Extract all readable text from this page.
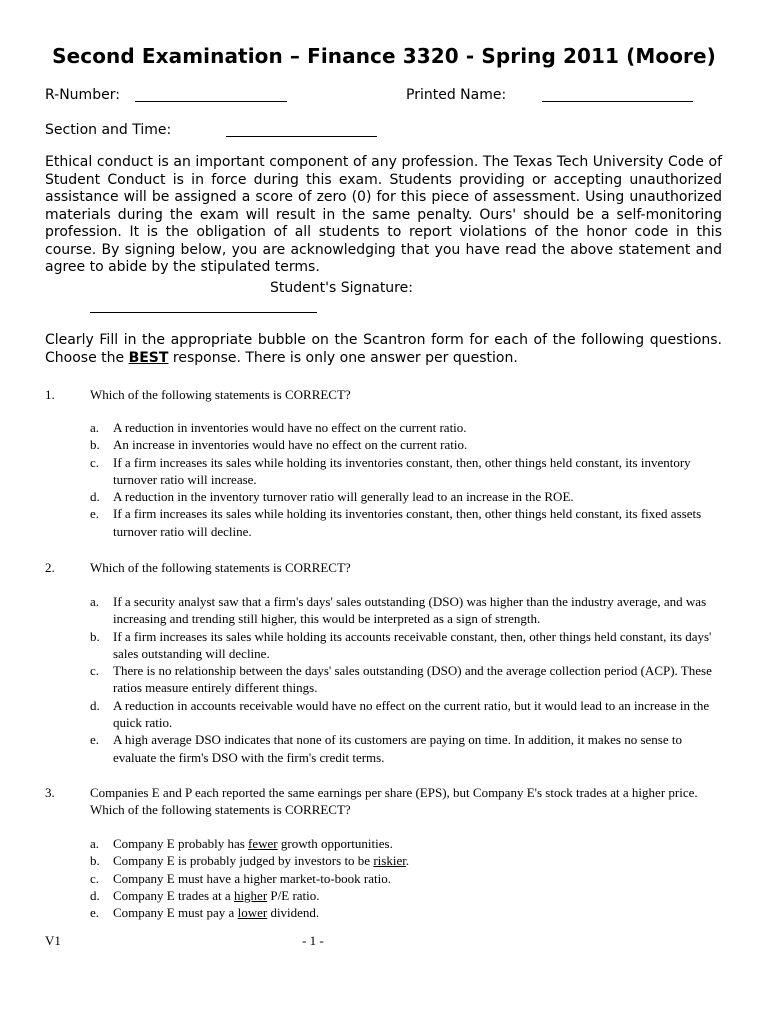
Second Examination – Finance 3320 - Spring 2011 (Moore)
R-Number:	Printed Name:
Section and Time:

Ethical conduct is an important component of any profession. The Texas Tech University Code of Student Conduct is in force during this exam. Students providing or accepting unauthorized assistance will be assigned a score of zero (0) for this piece of assessment. Using unauthorized materials during the exam will result in the same penalty. Ours' should be a self-monitoring profession. It is the obligation of all students to report violations of the honor code in this course. By signing below, you are acknowledging that you have read the above statement and agree to abide by the stipulated terms.

Student's Signature:
Clearly Fill in the appropriate bubble on the Scantron form for each of the following questions. Choose the BEST response. There is only one answer per question.
1.	Which of the following statements is CORRECT?
a. A reduction in inventories would have no effect on the current ratio.
b. An increase in inventories would have no effect on the current ratio.
c. If a firm increases its sales while holding its inventories constant, then, other things held constant, its inventory turnover ratio will increase.
d. A reduction in the inventory turnover ratio will generally lead to an increase in the ROE.
e. If a firm increases its sales while holding its inventories constant, then, other things held constant, its fixed assets turnover ratio will decline.
2.	Which of the following statements is CORRECT?
a. If a security analyst saw that a firm's days' sales outstanding (DSO) was higher than the industry average, and was increasing and trending still higher, this would be interpreted as a sign of strength.
b. If a firm increases its sales while holding its accounts receivable constant, then, other things held constant, its days' sales outstanding will decline.
c. There is no relationship between the days' sales outstanding (DSO) and the average collection period (ACP). These ratios measure entirely different things.
d. A reduction in accounts receivable would have no effect on the current ratio, but it would lead to an increase in the quick ratio.
e. A high average DSO indicates that none of its customers are paying on time. In addition, it makes no sense to evaluate the firm's DSO with the firm's credit terms.
3.	Companies E and P each reported the same earnings per share (EPS), but Company E's stock trades at a higher price. Which of the following statements is CORRECT?
a. Company E probably has fewer growth opportunities.
b. Company E is probably judged by investors to be riskier.
c. Company E must have a higher market-to-book ratio.
d. Company E trades at a higher P/E ratio.
e. Company E must pay a lower dividend.
V1	- 1 -
